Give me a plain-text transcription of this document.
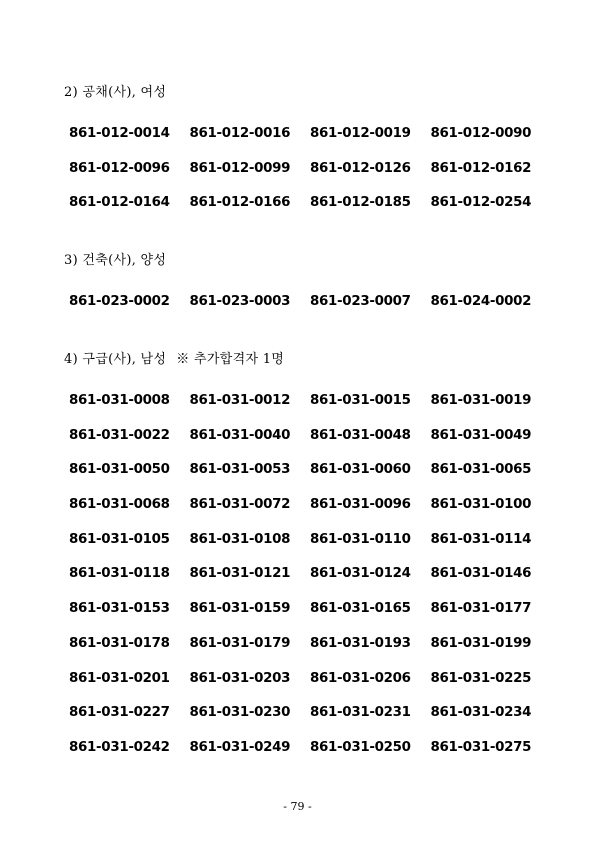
2) 공채(사), 여성
861-012-0014	861-012-0016	861-012-0019	861-012-0090
861-012-0096	861-012-0099	861-012-0126	861-012-0162
861-012-0164	861-012-0166	861-012-0185	861-012-0254
3) 건축(사), 양성
861-023-0002	861-023-0003	861-023-0007	861-024-0002
4) 구급(사), 남성 ※ 추가합격자 1명
861-031-0008	861-031-0012	861-031-0015	861-031-0019
861-031-0022	861-031-0040	861-031-0048	861-031-0049
861-031-0050	861-031-0053	861-031-0060	861-031-0065
861-031-0068	861-031-0072	861-031-0096	861-031-0100
861-031-0105	861-031-0108	861-031-0110	861-031-0114
861-031-0118	861-031-0121	861-031-0124	861-031-0146
861-031-0153	861-031-0159	861-031-0165	861-031-0177
861-031-0178	861-031-0179	861-031-0193	861-031-0199
861-031-0201	861-031-0203	861-031-0206	861-031-0225
861-031-0227	861-031-0230	861-031-0231	861-031-0234
861-031-0242	861-031-0249	861-031-0250	861-031-0275
- 79 -
